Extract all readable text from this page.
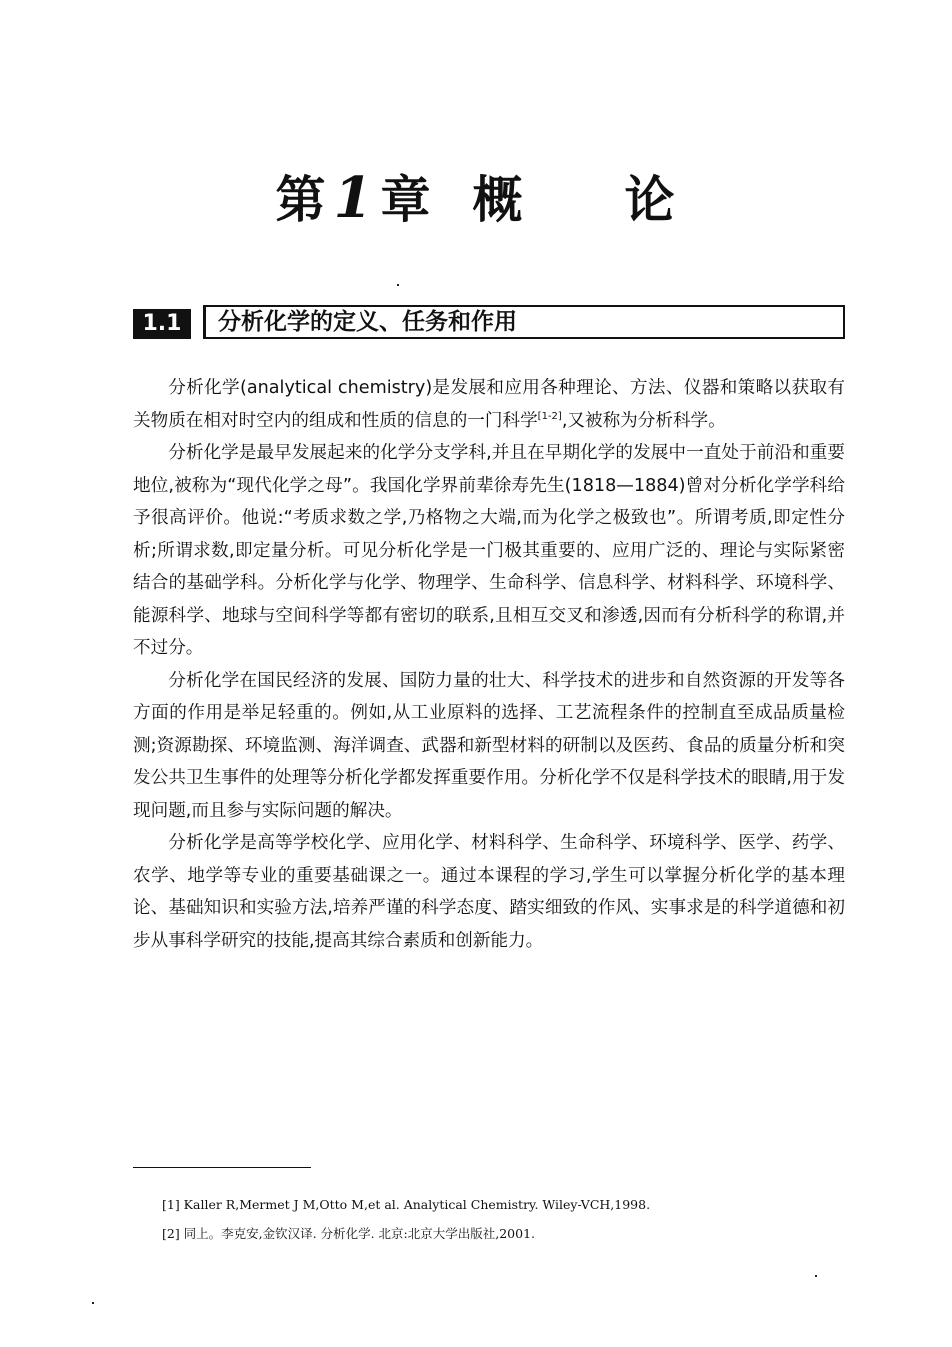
第 1 章 概 论
1.1	分析化学的定义、任务和作用

分析化学(analytical chemistry)是发展和应用各种理论、方法、仪器和策略以获取有关物质在相对时空内的组成和性质的信息的一门科学[1-2],又被称为分析科学。

分析化学是最早发展起来的化学分支学科,并且在早期化学的发展中一直处于前沿和重要地位,被称为“现代化学之母”。我国化学界前辈徐寿先生(1818—1884)曾对分析化学学科给予很高评价。他说:“考质求数之学,乃格物之大端,而为化学之极致也”。所谓考质,即定性分析;所谓求数,即定量分析。可见分析化学是一门极其重要的、应用广泛的、理论与实际紧密结合的基础学科。分析化学与化学、物理学、生命科学、信息科学、材料科学、环境科学、能源科学、地球与空间科学等都有密切的联系,且相互交叉和渗透,因而有分析科学的称谓,并不过分。

分析化学在国民经济的发展、国防力量的壮大、科学技术的进步和自然资源的开发等各方面的作用是举足轻重的。例如,从工业原料的选择、工艺流程条件的控制直至成品质量检测;资源勘探、环境监测、海洋调查、武器和新型材料的研制以及医药、食品的质量分析和突发公共卫生事件的处理等分析化学都发挥重要作用。分析化学不仅是科学技术的眼睛,用于发现问题,而且参与实际问题的解决。

分析化学是高等学校化学、应用化学、材料科学、生命科学、环境科学、医学、药学、农学、地学等专业的重要基础课之一。通过本课程的学习,学生可以掌握分析化学的基本理论、基础知识和实验方法,培养严谨的科学态度、踏实细致的作风、实事求是的科学道德和初步从事科学研究的技能,提高其综合素质和创新能力。

[1] Kaller R,Mermet J M,Otto M,et al. Analytical Chemistry. Wiley-VCH,1998.
[2] 同上。李克安,金钦汉译. 分析化学. 北京:北京大学出版社,2001.
